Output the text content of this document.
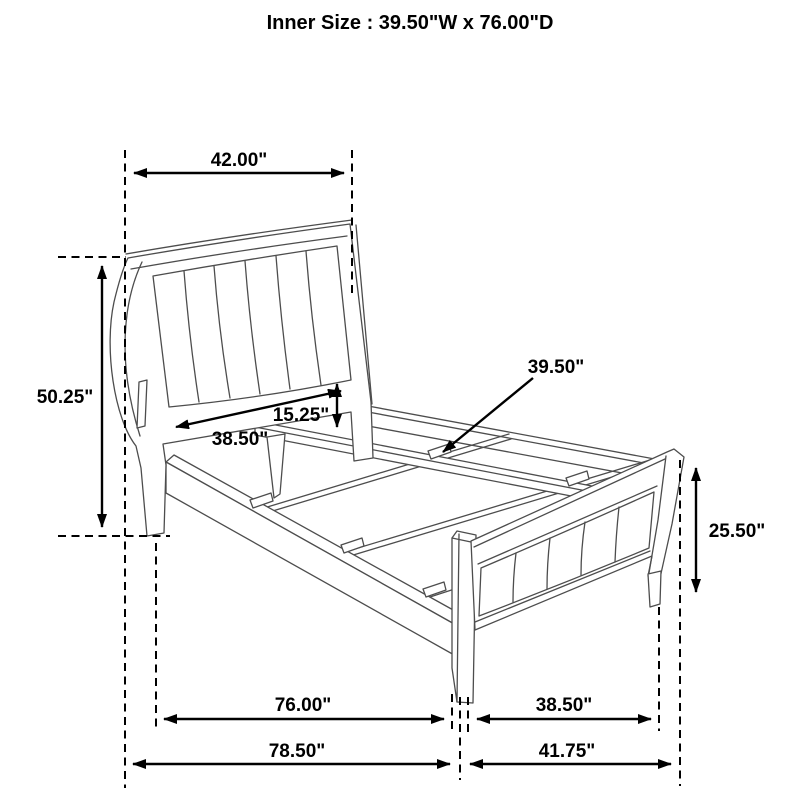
42.00"
50.25"
38.50"
15.25"
39.50"
25.50"
76.00"	38.50"
78.50"	41.75"
Inner Size : 39.50"W x 76.00"D
